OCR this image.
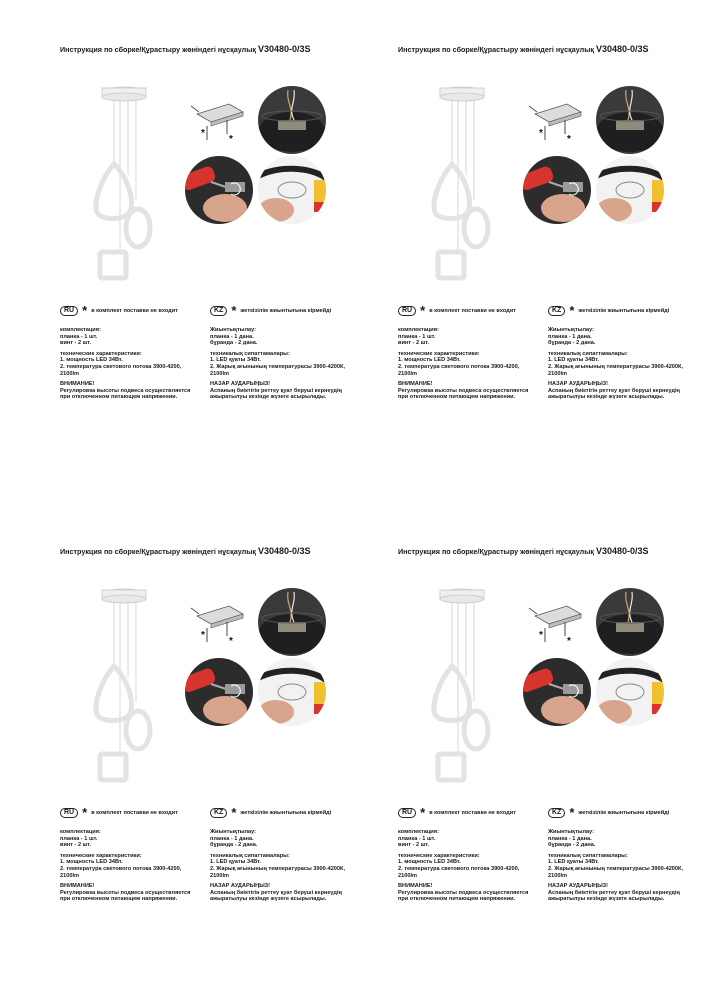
Инструкция по сборке/Құрастыру жөніндегі нұсқаулық V30480-0/3S
*
*
RU * в комплект поставки не входит
комплектация:
планка - 1 шт.
винт - 2 шт.
технические характеристики:
1. мощность LED 34Вт.
2. температура светового потока 3900-4200,
2100lm
ВНИМАНИЕ!
Регулировка высоты подвеса осуществляется
при отключенном питающем напряжении.
KZ * жеткізілім жиынтығына кірмейді
Жиынтықтылау:
планка - 1 дана.
бұранда - 2 дана.
техникалық сипаттамалары:
1. LED қуаты 34Вт.
2. Жарық ағынының температурасы 3900-4200К,
2100lm
НАЗАР АУДАРЫҢЫЗ!
Аспаның биіктігін реттеу қуат беруші кернеудің
ажыратылуы кезінде жүзеге асырылады.
Инструкция по сборке/Құрастыру жөніндегі нұсқаулық V30480-0/3S
*
*
RU * в комплект поставки не входит
комплектация:
планка - 1 шт.
винт - 2 шт.
технические характеристики:
1. мощность LED 34Вт.
2. температура светового потока 3900-4200,
2100lm
ВНИМАНИЕ!
Регулировка высоты подвеса осуществляется
при отключенном питающем напряжении.
KZ * жеткізілім жиынтығына кірмейді
Жиынтықтылау:
планка - 1 дана.
бұранда - 2 дана.
техникалық сипаттамалары:
1. LED қуаты 34Вт.
2. Жарық ағынының температурасы 3900-4200К,
2100lm
НАЗАР АУДАРЫҢЫЗ!
Аспаның биіктігін реттеу қуат беруші кернеудің
ажыратылуы кезінде жүзеге асырылады.
Инструкция по сборке/Құрастыру жөніндегі нұсқаулық V30480-0/3S
*
*
RU * в комплект поставки не входит
комплектация:
планка - 1 шт.
винт - 2 шт.
технические характеристики:
1. мощность LED 34Вт.
2. температура светового потока 3900-4200,
2100lm
ВНИМАНИЕ!
Регулировка высоты подвеса осуществляется
при отключенном питающем напряжении.
KZ * жеткізілім жиынтығына кірмейді
Жиынтықтылау:
планка - 1 дана.
бұранда - 2 дана.
техникалық сипаттамалары:
1. LED қуаты 34Вт.
2. Жарық ағынының температурасы 3900-4200К,
2100lm
НАЗАР АУДАРЫҢЫЗ!
Аспаның биіктігін реттеу қуат беруші кернеудің
ажыратылуы кезінде жүзеге асырылады.
Инструкция по сборке/Құрастыру жөніндегі нұсқаулық V30480-0/3S
*
*
RU * в комплект поставки не входит
комплектация:
планка - 1 шт.
винт - 2 шт.
технические характеристики:
1. мощность LED 34Вт.
2. температура светового потока 3900-4200,
2100lm
ВНИМАНИЕ!
Регулировка высоты подвеса осуществляется
при отключенном питающем напряжении.
KZ * жеткізілім жиынтығына кірмейді
Жиынтықтылау:
планка - 1 дана.
бұранда - 2 дана.
техникалық сипаттамалары:
1. LED қуаты 34Вт.
2. Жарық ағынының температурасы 3900-4200К,
2100lm
НАЗАР АУДАРЫҢЫЗ!
Аспаның биіктігін реттеу қуат беруші кернеудің
ажыратылуы кезінде жүзеге асырылады.
